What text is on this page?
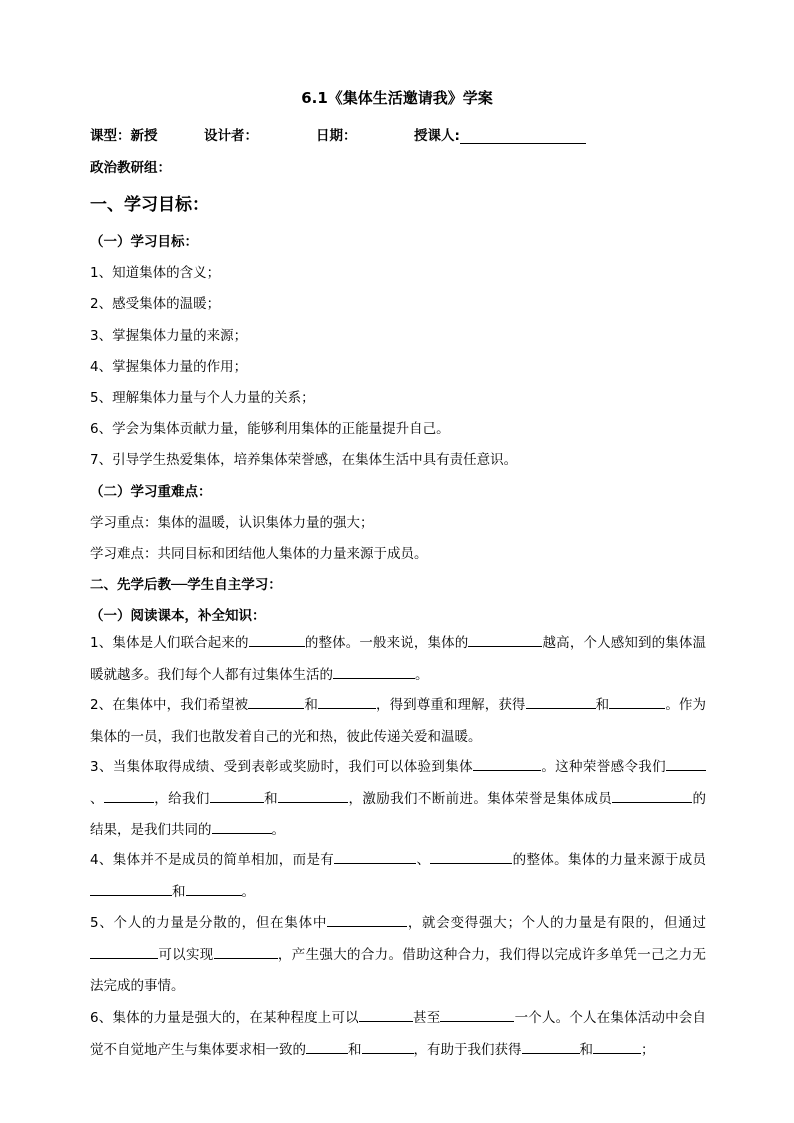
6.1《集体生活邀请我》学案
课型：新授	设计者：	日期：	授课人:
政治教研组：
一、学习目标：
（一）学习目标：
1、知道集体的含义；
2、感受集体的温暖；
3、掌握集体力量的来源；
4、掌握集体力量的作用；
5、理解集体力量与个人力量的关系；
6、学会为集体贡献力量，能够利用集体的正能量提升自己。
7、引导学生热爱集体，培养集体荣誉感，在集体生活中具有责任意识。
（二）学习重难点：
学习重点：集体的温暖，认识集体力量的强大；
学习难点：共同目标和团结他人集体的力量来源于成员。
二、先学后教──学生自主学习：
（一）阅读课本，补全知识：
1、集体是人们联合起来的	的整体。一般来说，集体的	越高，个人感知到的集体温暖就越多。我们每个人都有过集体生活的	。
2、在集体中，我们希望被	和	，得到尊重和理解，获得	和	。作为集体的一员，我们也散发着自己的光和热，彼此传递关爱和温暖。
3、当集体取得成绩、受到表彰或奖励时，我们可以体验到集体	。这种荣誉感令我们、	，给我们	和	，激励我们不断前进。集体荣誉是集体成员	的结果，是我们共同的	。
4、集体并不是成员的简单相加，而是有	、	的整体。集体的力量来源于成员和	。
5、个人的力量是分散的，但在集体中	，就会变得强大；个人的力量是有限的，但通过可以实现	，产生强大的合力。借助这种合力，我们得以完成许多单凭一己之力无法完成的事情。
6、集体的力量是强大的，在某种程度上可以	甚至	一个人。个人在集体活动中会自觉不自觉地产生与集体要求相一致的	和	，有助于我们获得	和	；
